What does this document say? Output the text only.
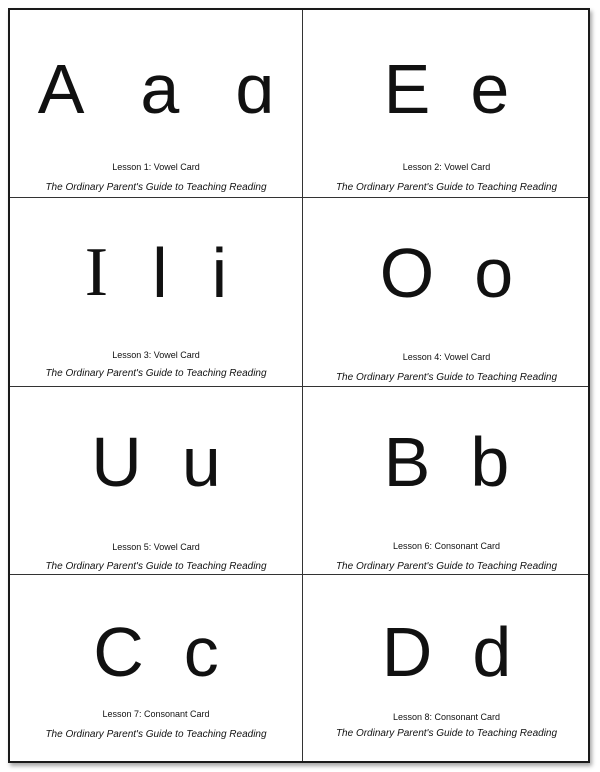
A a ɑ
Lesson 1: Vowel Card
The Ordinary Parent's Guide to Teaching Reading
E e
Lesson 2: Vowel Card
The Ordinary Parent's Guide to Teaching Reading
I l i
Lesson 3: Vowel Card
The Ordinary Parent's Guide to Teaching Reading
O o
Lesson 4: Vowel Card
The Ordinary Parent's Guide to Teaching Reading
U u
Lesson 5: Vowel Card
The Ordinary Parent's Guide to Teaching Reading
B b
Lesson 6: Consonant Card
The Ordinary Parent's Guide to Teaching Reading
C c
Lesson 7: Consonant Card
The Ordinary Parent's Guide to Teaching Reading
D d
Lesson 8: Consonant Card
The Ordinary Parent's Guide to Teaching Reading
